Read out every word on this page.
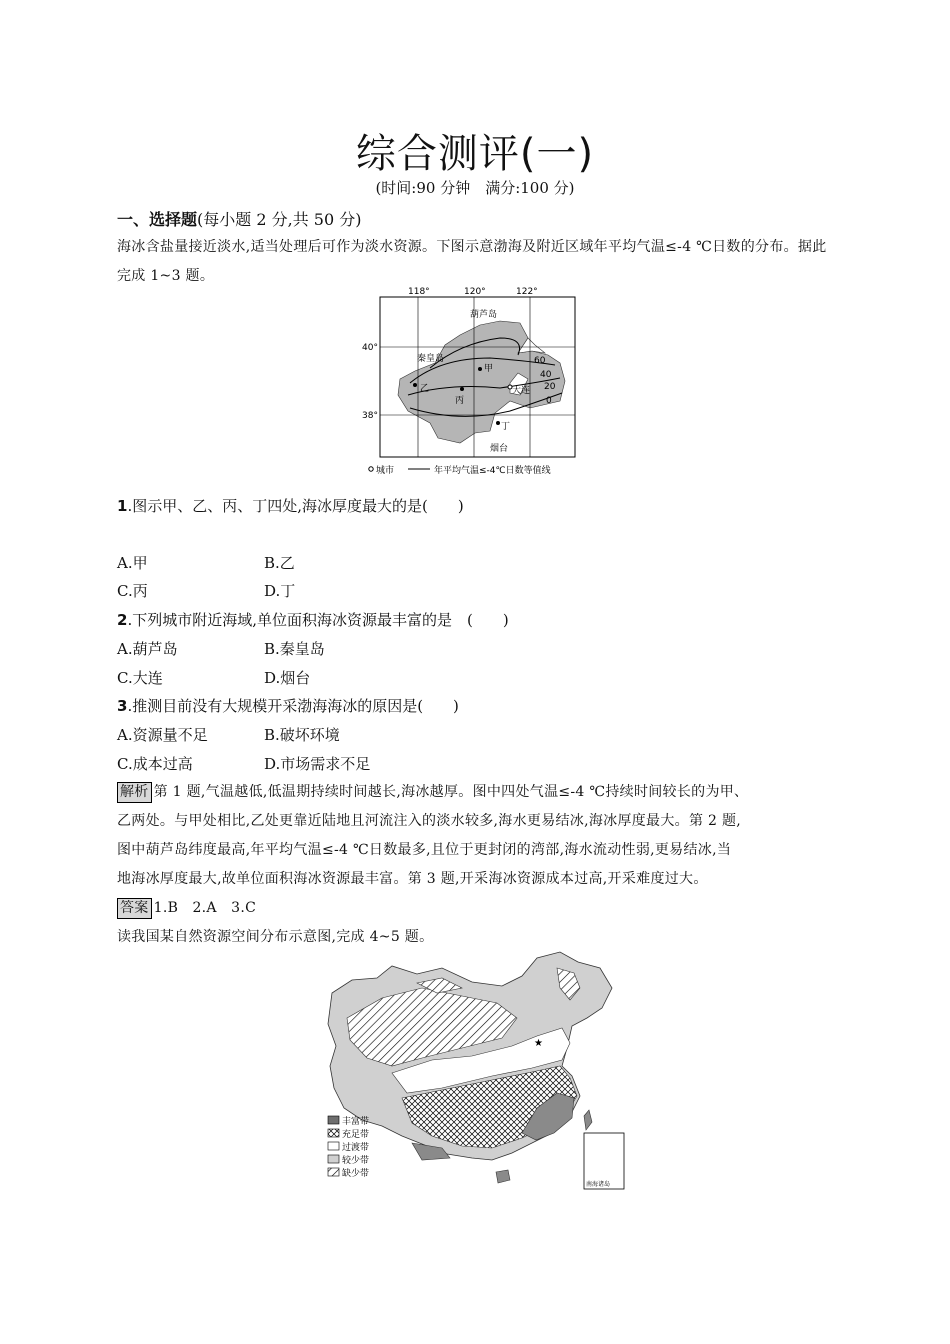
综合测评(一)
(时间:90 分钟　满分:100 分)
一、选择题(每小题 2 分,共 50 分)
海冰含盐量接近淡水,适当处理后可作为淡水资源。下图示意渤海及附近区域年平均气温≤-4 ℃日数的分布。据此完成 1~3 题。
118°	120°	122°
40°
38°
葫芦岛
秦皇岛
甲
乙
丙
丁
大连
烟台
60
40
20
0
城市	年平均气温≤-4℃日数等值线
1.图示甲、乙、丙、丁四处,海冰厚度最大的是(　　)
A.甲	B.乙
C.丙	D.丁
2.下列城市附近海域,单位面积海冰资源最丰富的是　(　　)
A.葫芦岛	B.秦皇岛
C.大连	D.烟台
3.推测目前没有大规模开采渤海海冰的原因是(　　)
A.资源量不足	B.破坏环境
C.成本过高	D.市场需求不足
解析 第 1 题,气温越低,低温期持续时间越长,海冰越厚。图中四处气温≤-4 ℃持续时间较长的为甲、
乙两处。与甲处相比,乙处更靠近陆地且河流注入的淡水较多,海水更易结冰,海冰厚度最大。第 2 题,
图中葫芦岛纬度最高,年平均气温≤-4 ℃日数最多,且位于更封闭的湾部,海水流动性弱,更易结冰,当
地海冰厚度最大,故单位面积海冰资源最丰富。第 3 题,开采海冰资源成本过高,开采难度过大。
答案 1.B　2.A　3.C
读我国某自然资源空间分布示意图,完成 4~5 题。
★
南海诸岛
丰富带
充足带
过渡带
较少带
缺少带
